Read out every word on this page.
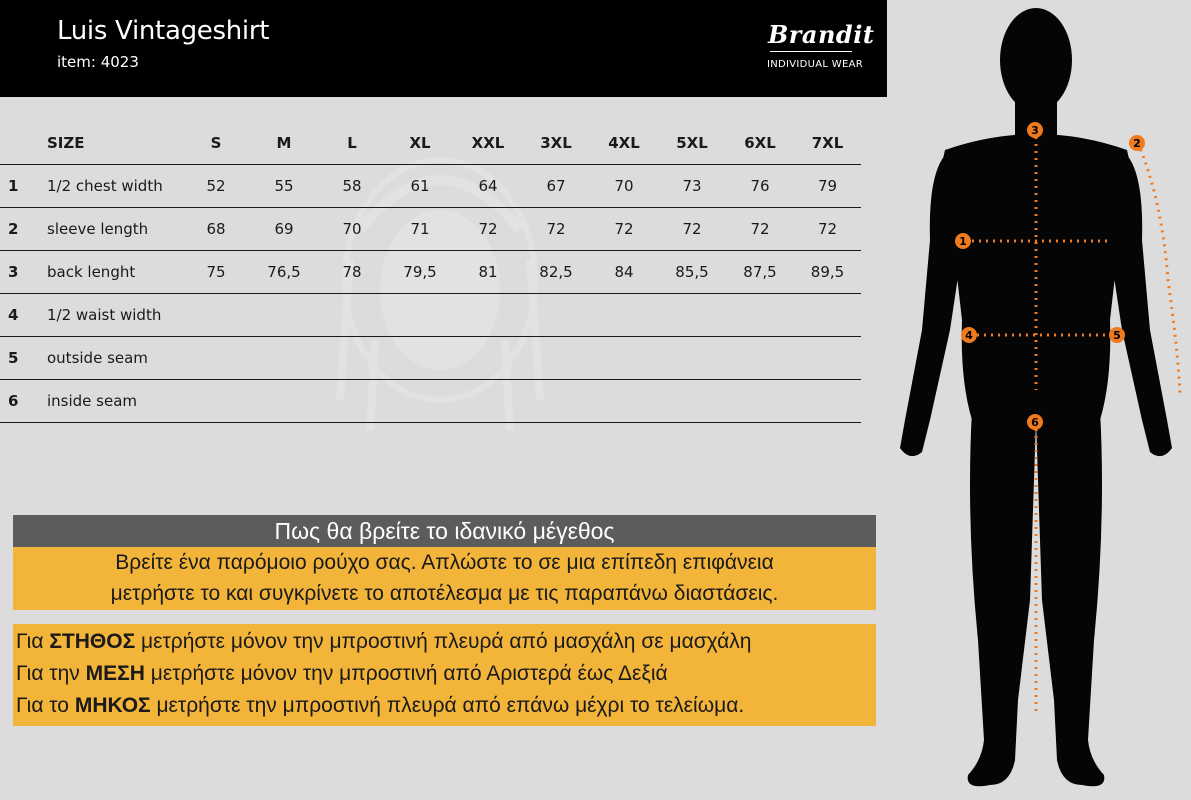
Luis Vintageshirt
item: 4023
Brandit
INDIVIDUAL WEAR
	SIZE	S	M	L	XL	XXL	3XL	4XL	5XL	6XL	7XL
1	1/2 chest width	52	55	58	61	64	67	70	73	76	79
2	sleeve length	68	69	70	71	72	72	72	72	72	72
3	back lenght	75	76,5	78	79,5	81	82,5	84	85,5	87,5	89,5
4	1/2 waist width										
5	outside seam										
6	inside seam										
Πως θα βρείτε το ιδανικό μέγεθος
Βρείτε ένα παρόμοιο ρούχο σας. Απλώστε το σε μια επίπεδη επιφάνεια
μετρήστε το και συγκρίνετε το αποτέλεσμα με τις παραπάνω διαστάσεις.
Για ΣΤΗΘΟΣ μετρήστε μόνον την μπροστινή πλευρά από μασχάλη σε μασχάλη
Για την ΜΕΣΗ μετρήστε μόνον την μπροστινή από Αριστερά έως Δεξιά
Για το ΜΗΚΟΣ μετρήστε την μπροστινή πλευρά από επάνω μέχρι το τελείωμα.
1
2
3
4	5
6
